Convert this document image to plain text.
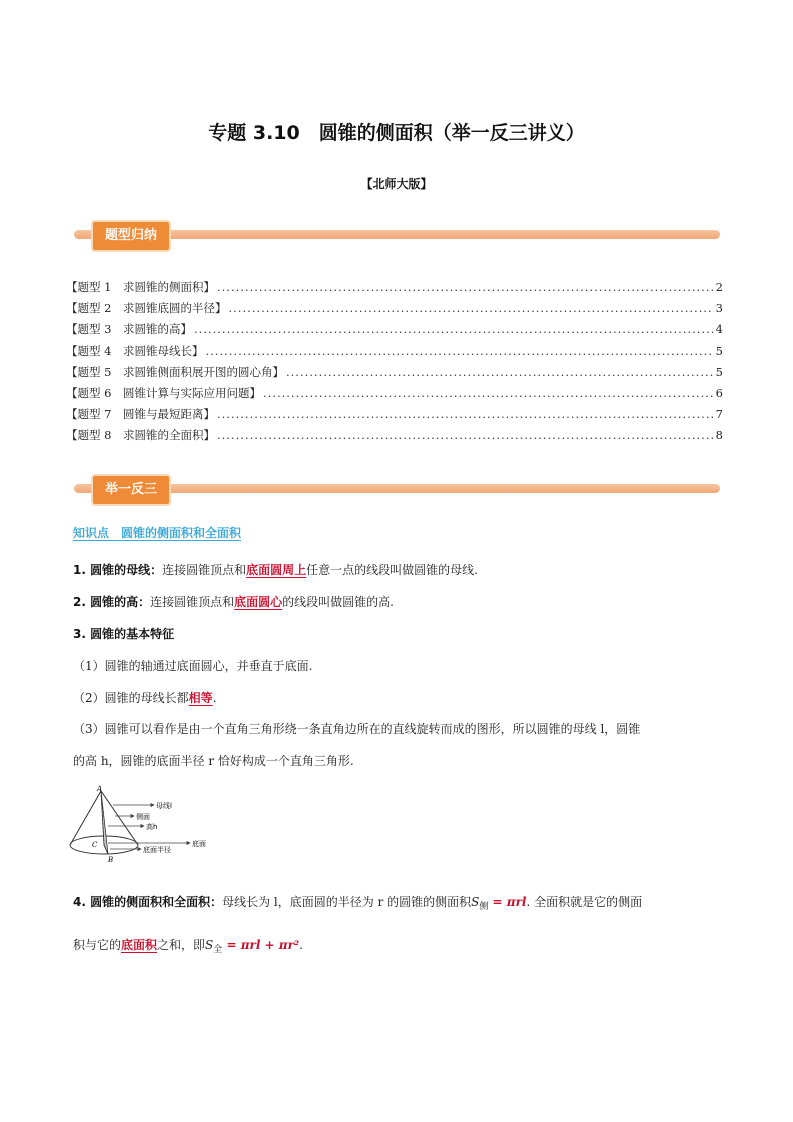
专题 3.10　圆锥的侧面积（举一反三讲义）
【北师大版】
题型归纳
【题型 1　求圆锥的侧面积】 .....	2
【题型 2　求圆锥底圆的半径】 .....	3
【题型 3　求圆锥的高】 .....	4
【题型 4　求圆锥母线长】 .....	5
【题型 5　求圆锥侧面积展开图的圆心角】 .....	5
【题型 6　圆锥计算与实际应用问题】 .....	6
【题型 7　圆锥与最短距离】 .....	7
【题型 8　求圆锥的全面积】 .....	8
举一反三
知识点　圆锥的侧面积和全面积
1. 圆锥的母线：连接圆锥顶点和底面圆周上任意一点的线段叫做圆锥的母线.
2. 圆锥的高：连接圆锥顶点和底面圆心的线段叫做圆锥的高.
3. 圆锥的基本特征
（1）圆锥的轴通过底面圆心，并垂直于底面.
（2）圆锥的母线长都相等.
（3）圆锥可以看作是由一个直角三角形绕一条直角边所在的直线旋转而成的图形，所以圆锥的母线 l，圆锥
的高 h，圆锥的底面半径 r 恰好构成一个直角三角形.
A
C
B
母线l
侧面
高h
底面半径
底面
4. 圆锥的侧面积和全面积：母线长为 l，底面圆的半径为 r 的圆锥的侧面积$S_侧 = \pi rl$. 全面积就是它的侧面
积与它的底面积之和，即$S_全 = \pi rl + \pi r^2$.
